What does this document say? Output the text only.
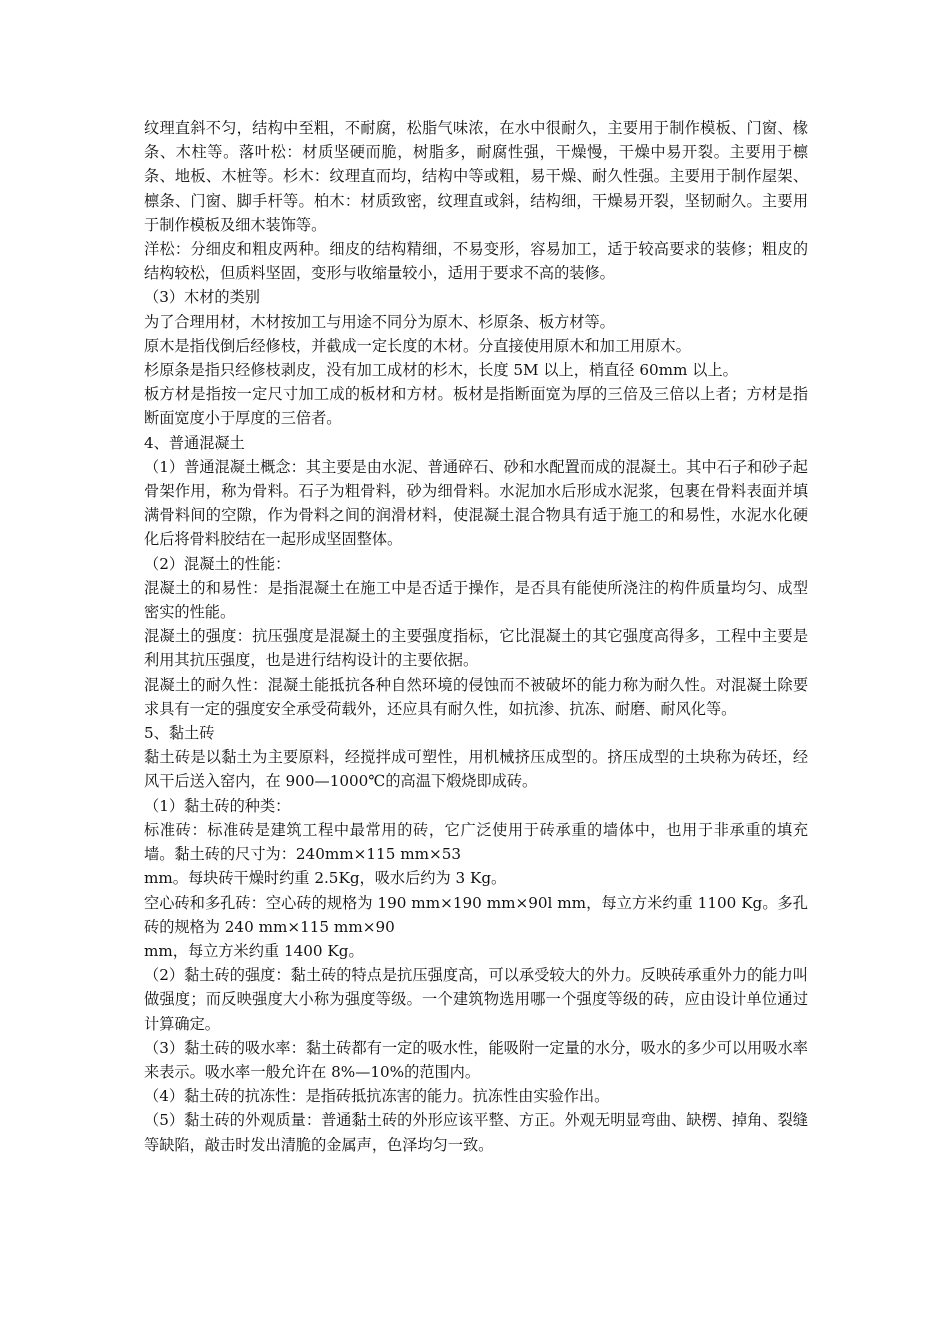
纹理直斜不匀，结构中至粗，不耐腐，松脂气味浓，在水中很耐久，主要用于制作模板、门窗、椽条、木柱等。落叶松：材质坚硬而脆，树脂多，耐腐性强，干燥慢，干燥中易开裂。主要用于檩条、地板、木桩等。杉木：纹理直而均，结构中等或粗，易干燥、耐久性强。主要用于制作屋架、檩条、门窗、脚手杆等。柏木：材质致密，纹理直或斜，结构细，干燥易开裂，坚韧耐久。主要用于制作模板及细木装饰等。

洋松：分细皮和粗皮两种。细皮的结构精细，不易变形，容易加工，适于较高要求的装修；粗皮的结构较松，但质料坚固，变形与收缩量较小，适用于要求不高的装修。

（3）木材的类别

为了合理用材，木材按加工与用途不同分为原木、杉原条、板方材等。

原木是指伐倒后经修枝，并截成一定长度的木材。分直接使用原木和加工用原木。

杉原条是指只经修枝剥皮，没有加工成材的杉木，长度 5M 以上，梢直径 60mm 以上。

板方材是指按一定尺寸加工成的板材和方材。板材是指断面宽为厚的三倍及三倍以上者；方材是指断面宽度小于厚度的三倍者。

4、普通混凝土

（1）普通混凝土概念：其主要是由水泥、普通碎石、砂和水配置而成的混凝土。其中石子和砂子起骨架作用，称为骨料。石子为粗骨料，砂为细骨料。水泥加水后形成水泥浆，包裹在骨料表面并填满骨料间的空隙，作为骨料之间的润滑材料，使混凝土混合物具有适于施工的和易性，水泥水化硬化后将骨料胶结在一起形成坚固整体。

（2）混凝土的性能：

混凝土的和易性：是指混凝土在施工中是否适于操作，是否具有能使所浇注的构件质量均匀、成型密实的性能。

混凝土的强度：抗压强度是混凝土的主要强度指标，它比混凝土的其它强度高得多，工程中主要是利用其抗压强度，也是进行结构设计的主要依据。

混凝土的耐久性：混凝土能抵抗各种自然环境的侵蚀而不被破坏的能力称为耐久性。对混凝土除要求具有一定的强度安全承受荷载外，还应具有耐久性，如抗渗、抗冻、耐磨、耐风化等。

5、黏土砖

黏土砖是以黏土为主要原料，经搅拌成可塑性，用机械挤压成型的。挤压成型的土块称为砖坯，经风干后送入窑内，在 900—1000℃的高温下煅烧即成砖。

（1）黏土砖的种类：

标准砖：标准砖是建筑工程中最常用的砖，它广泛使用于砖承重的墙体中，也用于非承重的填充墙。黏土砖的尺寸为：240mm×115 mm×53
mm。每块砖干燥时约重 2.5Kg，吸水后约为 3 Kg。

空心砖和多孔砖：空心砖的规格为 190 mm×190 mm×90l mm，每立方米约重 1100 Kg。多孔砖的规格为 240 mm×115 mm×90
mm，每立方米约重 1400 Kg。

（2）黏土砖的强度：黏土砖的特点是抗压强度高，可以承受较大的外力。反映砖承重外力的能力叫做强度；而反映强度大小称为强度等级。一个建筑物选用哪一个强度等级的砖，应由设计单位通过计算确定。

（3）黏土砖的吸水率：黏土砖都有一定的吸水性，能吸附一定量的水分，吸水的多少可以用吸水率来表示。吸水率一般允许在 8%—10%的范围内。

（4）黏土砖的抗冻性：是指砖抵抗冻害的能力。抗冻性由实验作出。

（5）黏土砖的外观质量：普通黏土砖的外形应该平整、方正。外观无明显弯曲、缺楞、掉角、裂缝等缺陷，敲击时发出清脆的金属声，色泽均匀一致。
